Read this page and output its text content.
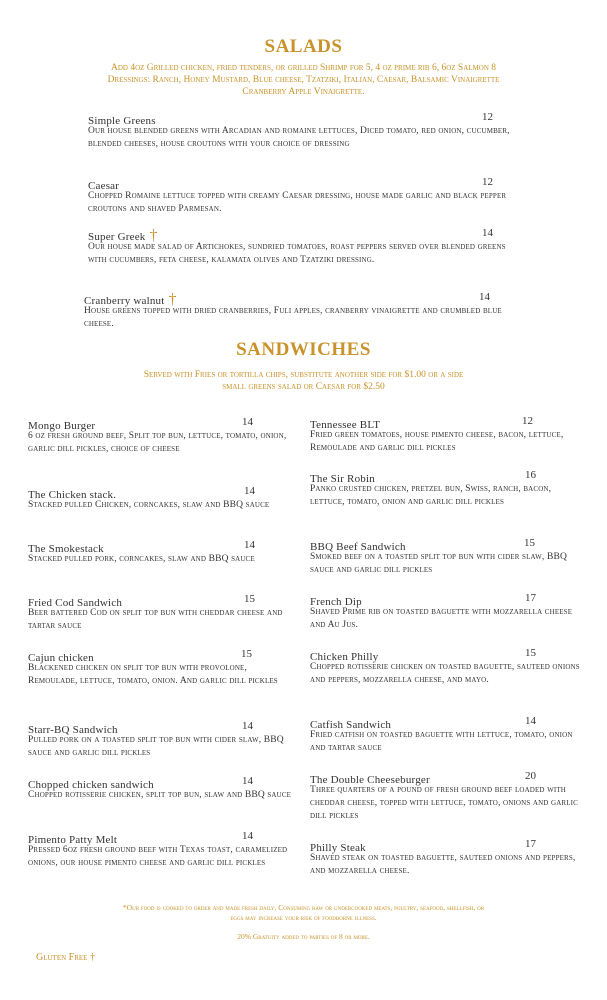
SALADS
Add 4oz Grilled chicken, fried tenders, or grilled Shrimp for 5, 4 oz prime rib 6, 6oz Salmon 8
Dressings: Ranch, Honey Mustard, Blue cheese, Tzatziki, Italian, Caesar, Balsamic Vinaigrette
Cranberry Apple Vinaigrette.
Simple Greens	12
Our house blended greens with Arcadian and romaine lettuces, Diced tomato, red onion, cucumber, blended cheeses, house croutons with your choice of dressing
Caesar	12
Chopped Romaine lettuce topped with creamy Caesar dressing, house made garlic and black pepper croutons and shaved Parmesan.
Super Greek †	14
Our house made salad of Artichokes, sundried tomatoes, roast peppers served over blended greens with cucumbers, feta cheese, kalamata olives and Tzatziki dressing.
Cranberry walnut †	14
House greens topped with dried cranberries, Fuli apples, cranberry vinaigrette and crumbled blue cheese.
SANDWICHES
Served with Fries or tortilla chips, substitute another side for $1.00 or a side
small greens salad or Caesar for $2.50
Mongo Burger	14
6 oz fresh ground beef, Split top bun, lettuce, tomato, onion, garlic dill pickles, choice of cheese
The Chicken stack.	14
Stacked pulled Chicken, corncakes, slaw and BBQ sauce
The Smokestack	14
Stacked pulled pork, corncakes, slaw and BBQ sauce
Fried Cod Sandwich	15
Beer battered Cod on split top bun with cheddar cheese and tartar sauce
Cajun chicken	15
Blackened chicken on split top bun with provolone, Remoulade, lettuce, tomato, onion. And garlic dill pickles
Starr-BQ Sandwich	14
Pulled pork on a toasted split top bun with cider slaw, BBQ sauce and garlic dill pickles
Chopped chicken sandwich	14
Chopped rotisserie chicken, split top bun, slaw and BBQ sauce
Pimento Patty Melt	14
Pressed 6oz fresh ground beef with Texas toast, caramelized onions, our house pimento cheese and garlic dill pickles
Tennessee BLT	12
Fried green tomatoes, house pimento cheese, bacon, lettuce, Remoulade and garlic dill pickles
The Sir Robin	16
Panko crusted chicken, pretzel bun, Swiss, ranch, bacon, lettuce, tomato, onion and garlic dill pickles
BBQ Beef Sandwich	15
Smoked beef on a toasted split top bun with cider slaw, BBQ sauce and garlic dill pickles
French Dip	17
Shaved Prime rib on toasted baguette with mozzarella cheese and Au Jus.
Chicken Philly	15
Chopped rotisserie chicken on toasted baguette, sauteed onions and peppers, mozzarella cheese, and mayo.
Catfish Sandwich	14
Fried catfish on toasted baguette with lettuce, tomato, onion and tartar sauce
The Double Cheeseburger	20
Three quarters of a pound of fresh ground beef loaded with cheddar cheese, topped with lettuce, tomato, onions and garlic dill pickles
Philly Steak	17
Shaved steak on toasted baguette, sauteed onions and peppers, and mozzarella cheese.
*Our food is cooked to order and made fresh daily. Consuming raw or undercooked meats, poultry, seafood, shellfish, or
eggs may increase your risk of foodborne illness.
20% Gratuity added to parties of 8 or more.
Gluten Free †
